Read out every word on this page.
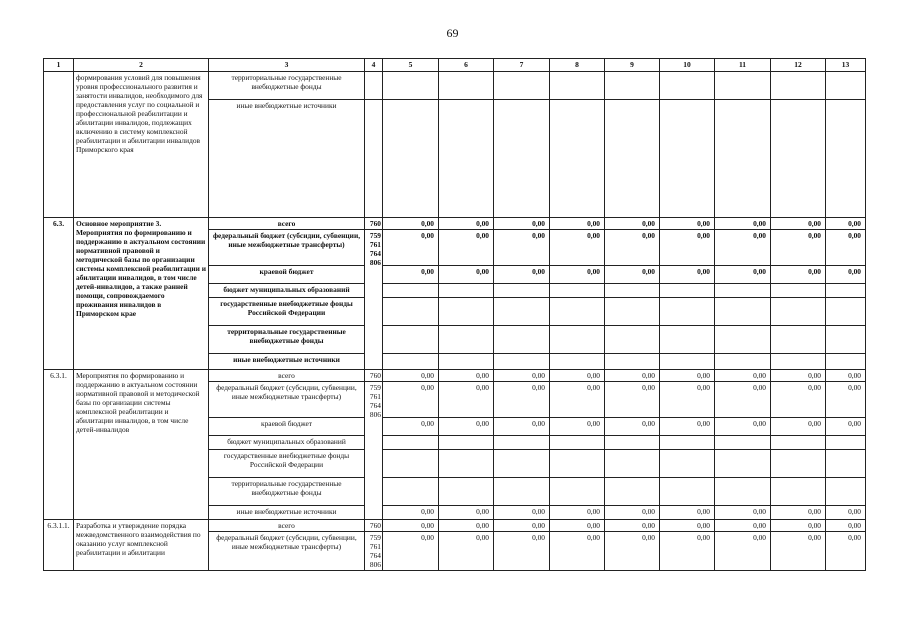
69
1	2	3	4	5	6	7	8	9	10	11	12	13
	формирования условий для повышения уровня профессионального развития и занятости инвалидов, необходимого для предоставления услуг по социальной и профессиональной реабилитации и абилитации инвалидов, подлежащих включению в систему комплексной реабилитации и абилитации инвалидов Приморского края	территориальные государственные внебюджетные фонды										
		иные внебюджетные источники										
6.3.	Основное мероприятие 3. Мероприятия по формированию и поддержанию в актуальном состоянии нормативной правовой и методической базы по организации системы комплексной реабилитации и абилитации инвалидов, в том числе детей-инвалидов, а также ранней помощи, сопровождаемого проживания инвалидов в Приморском крае	всего	760	0,00	0,00	0,00	0,00	0,00	0,00	0,00	0,00	0,00
		федеральный бюджет (субсидии, субвенции, иные межбюджетные трансферты)	759
761
764
806	0,00	0,00	0,00	0,00	0,00	0,00	0,00	0,00	0,00
		краевой бюджет		0,00	0,00	0,00	0,00	0,00	0,00	0,00	0,00	0,00
		бюджет муниципальных образований										
		государственные внебюджетные фонды Российской Федерации										
		территориальные государственные внебюджетные фонды										
		иные внебюджетные источники										
6.3.1.	Мероприятия по формированию и поддержанию в актуальном состоянии нормативной правовой и методической базы по организации системы комплексной реабилитации и абилитации инвалидов, в том числе детей-инвалидов	всего	760	0,00	0,00	0,00	0,00	0,00	0,00	0,00	0,00	0,00
		федеральный бюджет (субсидии, субвенции, иные межбюджетные трансферты)	759
761
764
806	0,00	0,00	0,00	0,00	0,00	0,00	0,00	0,00	0,00
		краевой бюджет		0,00	0,00	0,00	0,00	0,00	0,00	0,00	0,00	0,00
		бюджет муниципальных образований										
		государственные внебюджетные фонды Российской Федерации										
		территориальные государственные внебюджетные фонды										
		иные внебюджетные источники		0,00	0,00	0,00	0,00	0,00	0,00	0,00	0,00	0,00
6.3.1.1.	Разработка и утверждение порядка межведомственного взаимодействия по оказанию услуг комплексной реабилитации и абилитации	всего	760	0,00	0,00	0,00	0,00	0,00	0,00	0,00	0,00	0,00
		федеральный бюджет (субсидии, субвенции, иные межбюджетные трансферты)	759
761
764
806	0,00	0,00	0,00	0,00	0,00	0,00	0,00	0,00	0,00
